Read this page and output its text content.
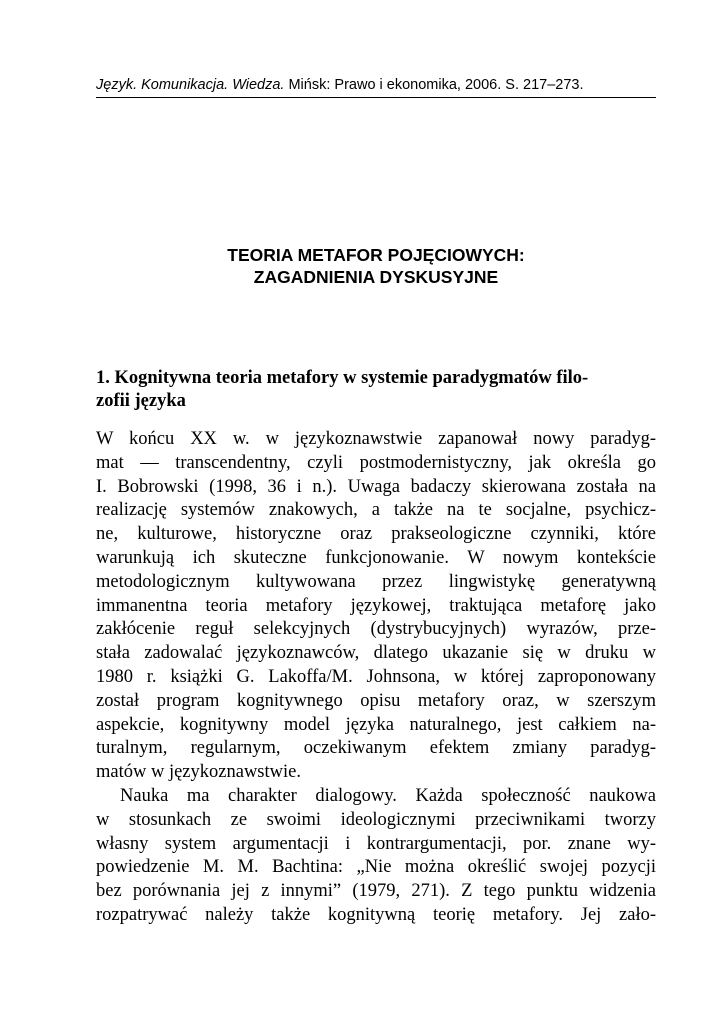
Język. Komunikacja. Wiedza. Mińsk: Prawo i ekonomika, 2006. S. 217–273.
TEORIA METAFOR POJĘCIOWYCH:
ZAGADNIENIA DYSKUSYJNE
1. Kognitywna teoria metafory w systemie paradygmatów filo-
zofii języka
W końcu XX w. w językoznawstwie zapanował nowy paradyg-
mat — transcendentny, czyli postmodernistyczny, jak określa go
I. Bobrowski (1998, 36 i n.). Uwaga badaczy skierowana została na
realizację systemów znakowych, a także na te socjalne, psychicz-
ne, kulturowe, historyczne oraz prakseologiczne czynniki, które
warunkują ich skuteczne funkcjonowanie. W nowym kontekście
metodologicznym kultywowana przez lingwistykę generatywną
immanentna teoria metafory językowej, traktująca metaforę jako
zakłócenie reguł selekcyjnych (dystrybucyjnych) wyrazów, prze-
stała zadowalać językoznawców, dlatego ukazanie się w druku w
1980 r. książki G. Lakoffa/M. Johnsona, w której zaproponowany
został program kognitywnego opisu metafory oraz, w szerszym
aspekcie, kognitywny model języka naturalnego, jest całkiem na-
turalnym, regularnym, oczekiwanym efektem zmiany paradyg-
matów w językoznawstwie.
Nauka ma charakter dialogowy. Każda społeczność naukowa
w stosunkach ze swoimi ideologicznymi przeciwnikami tworzy
własny system argumentacji i kontrargumentacji, por. znane wy-
powiedzenie M. M. Bachtina: „Nie można określić swojej pozycji
bez porównania jej z innymi” (1979, 271). Z tego punktu widzenia
rozpatrywać należy także kognitywną teorię metafory. Jej zało-
